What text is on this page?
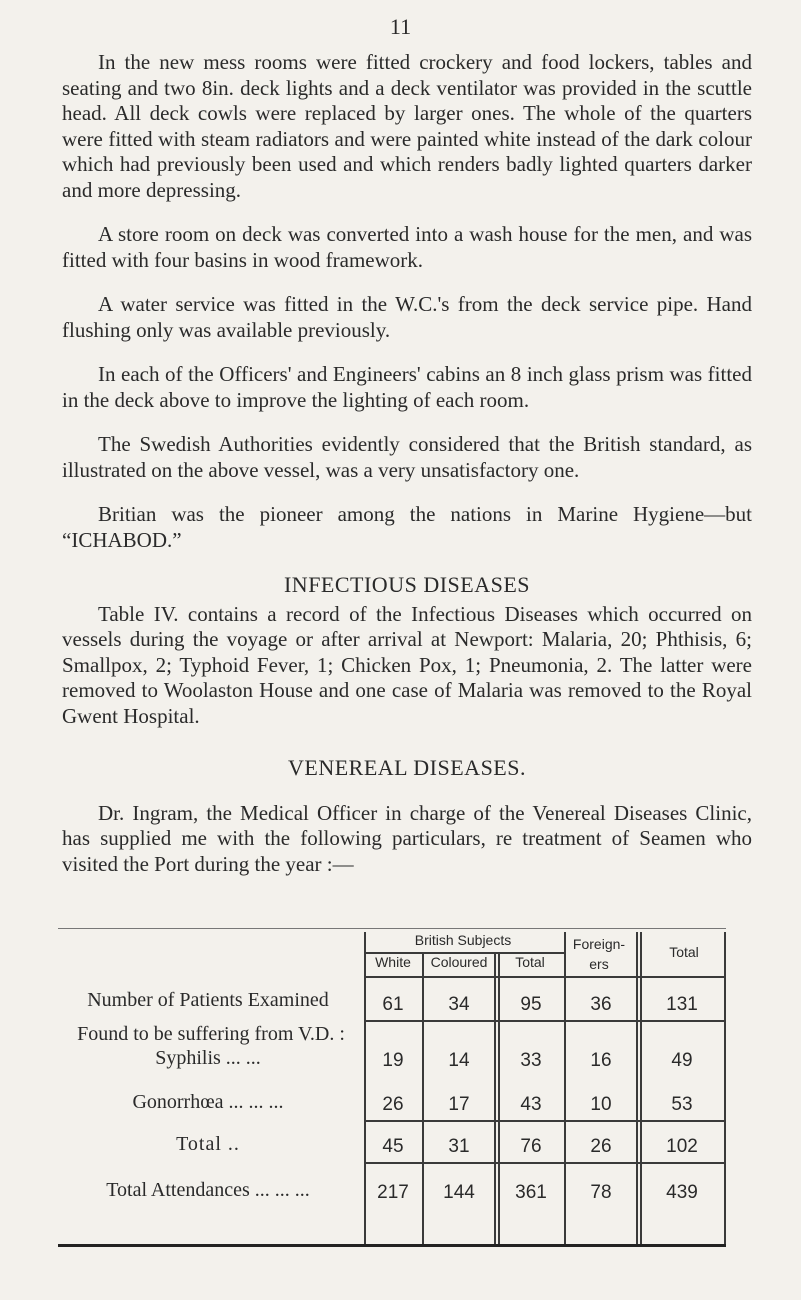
11

In the new mess rooms were fitted crockery and food lockers, tables and seating and two 8in. deck lights and a deck ventilator was provided in the scuttle head. All deck cowls were replaced by larger ones. The whole of the quarters were fitted with steam radiators and were painted white instead of the dark colour which had previously been used and which renders badly lighted quarters darker and more depressing.

A store room on deck was converted into a wash house for the men, and was fitted with four basins in wood framework.

A water service was fitted in the W.C.'s from the deck service pipe. Hand flushing only was available previously.

In each of the Officers' and Engineers' cabins an 8 inch glass prism was fitted in the deck above to improve the lighting of each room.

The Swedish Authorities evidently considered that the British standard, as illustrated on the above vessel, was a very unsatisfactory one.

Britian was the pioneer among the nations in Marine Hygiene—but “ICHABOD.”

INFECTIOUS DISEASES

Table IV. contains a record of the Infectious Diseases which occurred on vessels during the voyage or after arrival at Newport: Malaria, 20; Phthisis, 6; Smallpox, 2; Typhoid Fever, 1; Chicken Pox, 1; Pneumonia, 2. The latter were removed to Woolaston House and one case of Malaria was removed to the Royal Gwent Hospital.

VENEREAL DISEASES.

Dr. Ingram, the Medical Officer in charge of the Venereal Diseases Clinic, has supplied me with the following particulars, re treatment of Seamen who visited the Port during the year :—

British Subjects
White	Coloured	Total
Foreign-ers
Total
Number of Patients Examined	61	34	95	36	131
Found to be suffering from V.D. :
Syphilis ... ...	19	14	33	16	49
Gonorrhœa ... ... ...	26	17	43	10	53
Total ..	45	31	76	26	102
Total Attendances ... ... ...	217	144	361	78	439
